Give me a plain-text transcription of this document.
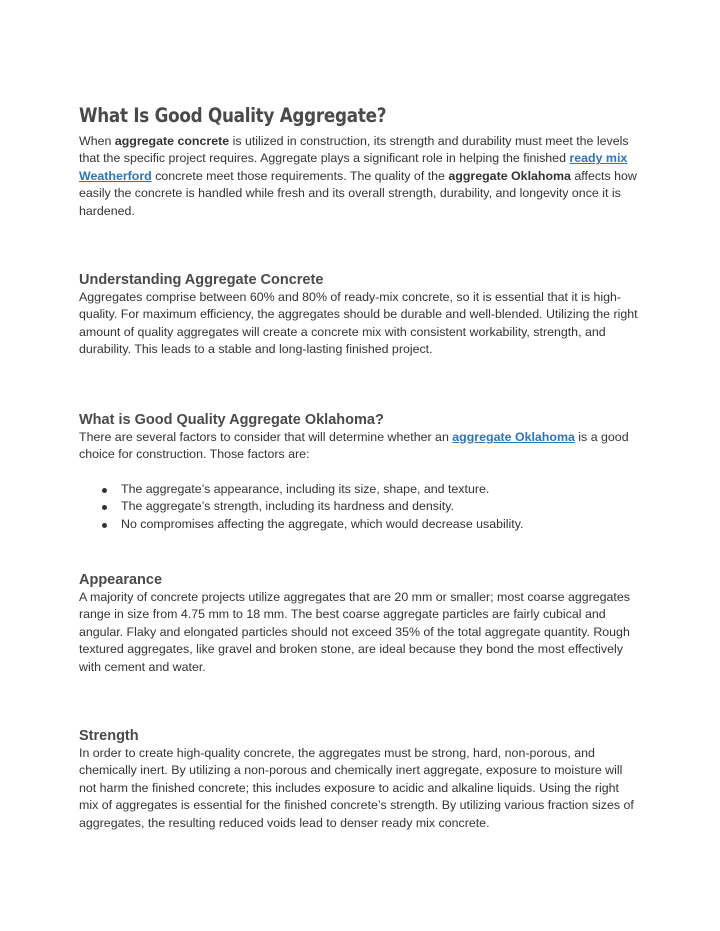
What Is Good Quality Aggregate?

When aggregate concrete is utilized in construction, its strength and durability must meet the levels that the specific project requires. Aggregate plays a significant role in helping the finished ready mix Weatherford concrete meet those requirements. The quality of the aggregate Oklahoma affects how easily the concrete is handled while fresh and its overall strength, durability, and longevity once it is hardened.

Understanding Aggregate Concrete

Aggregates comprise between 60% and 80% of ready-mix concrete, so it is essential that it is high-quality. For maximum efficiency, the aggregates should be durable and well-blended. Utilizing the right amount of quality aggregates will create a concrete mix with consistent workability, strength, and durability. This leads to a stable and long-lasting finished project.

What is Good Quality Aggregate Oklahoma?

There are several factors to consider that will determine whether an aggregate Oklahoma is a good choice for construction. Those factors are:

The aggregate’s appearance, including its size, shape, and texture.
The aggregate’s strength, including its hardness and density.
No compromises affecting the aggregate, which would decrease usability.
Appearance

A majority of concrete projects utilize aggregates that are 20 mm or smaller; most coarse aggregates range in size from 4.75 mm to 18 mm. The best coarse aggregate particles are fairly cubical and angular. Flaky and elongated particles should not exceed 35% of the total aggregate quantity. Rough textured aggregates, like gravel and broken stone, are ideal because they bond the most effectively with cement and water.

Strength

In order to create high-quality concrete, the aggregates must be strong, hard, non-porous, and chemically inert. By utilizing a non-porous and chemically inert aggregate, exposure to moisture will not harm the finished concrete; this includes exposure to acidic and alkaline liquids. Using the right mix of aggregates is essential for the finished concrete’s strength. By utilizing various fraction sizes of aggregates, the resulting reduced voids lead to denser ready mix concrete.
